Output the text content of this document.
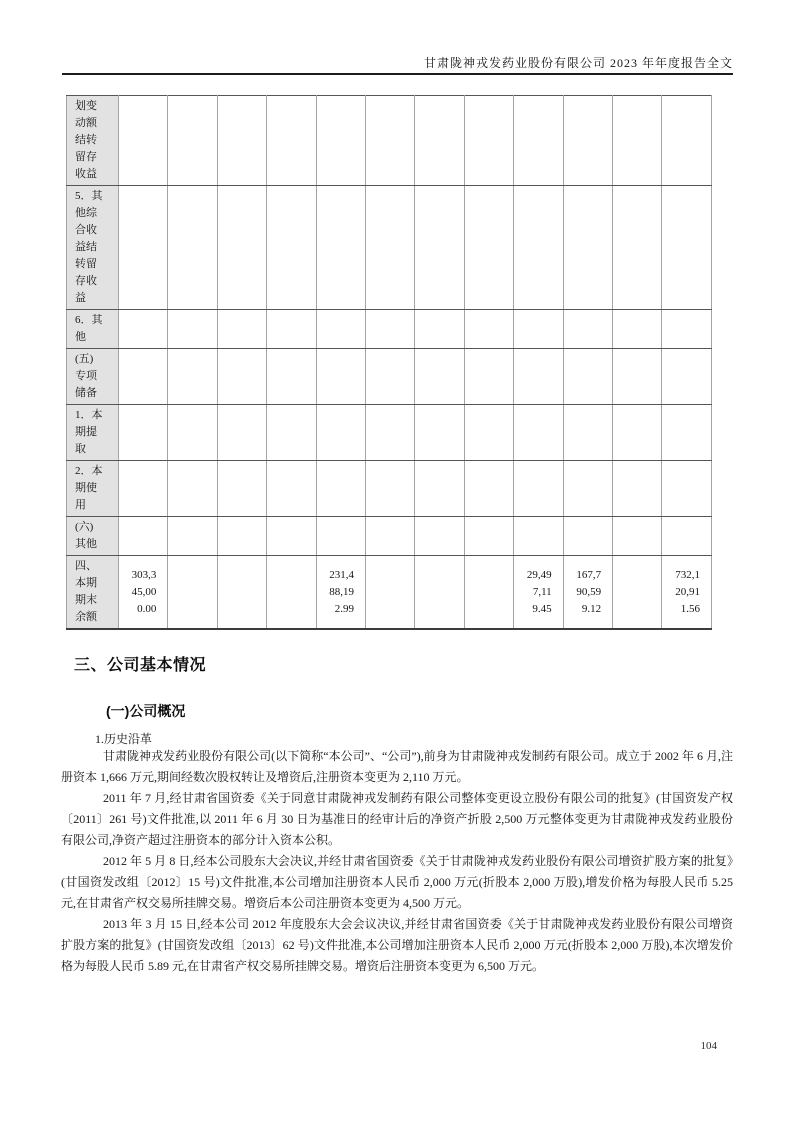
甘肃陇神戎发药业股份有限公司 2023 年年度报告全文
划变动额结转留存收益												
5．其他综合收益结转留存收益												
6．其他												
(五)专项储备												
1．本期提取												
2．本期使用												
(六)其他												
四、本期期末余额	303,345,000.00				231,488,192.99				29,497,119.45	167,790,599.12		732,120,911.56
三、公司基本情况
(一)公司概况
1.历史沿革

甘肃陇神戎发药业股份有限公司(以下简称“本公司”、“公司”),前身为甘肃陇神戎发制药有限公司。成立于 2002 年 6 月,注册资本 1,666 万元,期间经数次股权转让及增资后,注册资本变更为 2,110 万元。

2011 年 7 月,经甘肃省国资委《关于同意甘肃陇神戎发制药有限公司整体变更设立股份有限公司的批复》(甘国资发产权〔2011〕261 号)文件批准,以 2011 年 6 月 30 日为基准日的经审计后的净资产折股 2,500 万元整体变更为甘肃陇神戎发药业股份有限公司,净资产超过注册资本的部分计入资本公积。

2012 年 5 月 8 日,经本公司股东大会决议,并经甘肃省国资委《关于甘肃陇神戎发药业股份有限公司增资扩股方案的批复》(甘国资发改组〔2012〕15 号)文件批准,本公司增加注册资本人民币 2,000 万元(折股本 2,000 万股),增发价格为每股人民币 5.25 元,在甘肃省产权交易所挂牌交易。增资后本公司注册资本变更为 4,500 万元。

2013 年 3 月 15 日,经本公司 2012 年度股东大会会议决议,并经甘肃省国资委《关于甘肃陇神戎发药业股份有限公司增资扩股方案的批复》(甘国资发改组〔2013〕62 号)文件批准,本公司增加注册资本人民币 2,000 万元(折股本 2,000 万股),本次增发价格为每股人民币 5.89 元,在甘肃省产权交易所挂牌交易。增资后注册资本变更为 6,500 万元。

104
